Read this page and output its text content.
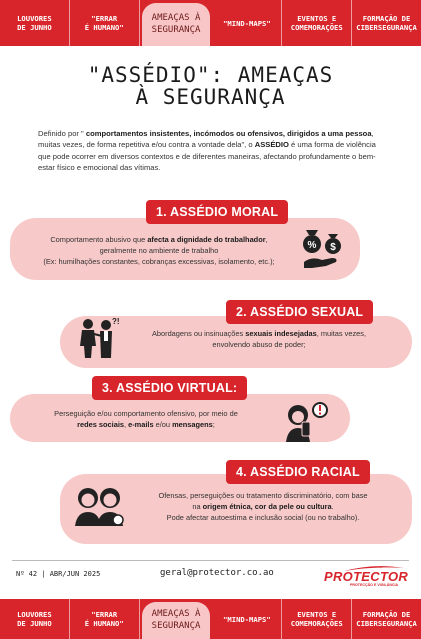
LOUVORES
DE JUNHO
"ERRAR
É HUMANO"
AMEAÇAS À
SEGURANÇA
"MIND-MAPS"	EVENTOS E
COMEMORAÇÕES
FORMAÇÃO DE
CIBERSEGURANÇA
"ASSÉDIO": AMEAÇAS
À SEGURANÇA
Definido por " comportamentos insistentes, incómodos ou ofensivos, dirigidos a uma pessoa, muitas vezes, de forma repetitiva e/ou contra a vontade dela", o ASSÉDIO é uma forma de violência que pode ocorrer em diversos contextos e de diferentes maneiras, afectando profundamente o bem-estar físico e emocional das vítimas.
1. ASSÉDIO MORAL
Comportamento abusivo que afecta a dignidade do trabalhador,
geralmente no ambiente de trabalho
(Ex: humilhações constantes, cobranças excessivas, isolamento, etc.);
% $
2. ASSÉDIO SEXUAL
?!
Abordagens ou insinuações sexuais indesejadas, muitas vezes,
envolvendo abuso de poder;
3. ASSÉDIO VIRTUAL:
Perseguição e/ou comportamento ofensivo, por meio de
redes sociais, e-mails e/ou mensagens;
4. ASSÉDIO RACIAL
Ofensas, perseguições ou tratamento discriminatório, com base
na origem étnica, cor da pele ou cultura.
Pode afectar autoestima e inclusão social (ou no trabalho).
Nº 42 | ABR/JUN 2025	geral@protector.co.ao	PROTECTOR
PROTECÇÃO E VIGILÂNCIA
LOUVORES
DE JUNHO
"ERRAR
É HUMANO"
AMEAÇAS À
SEGURANÇA
"MIND-MAPS"	EVENTOS E
COMEMORAÇÕES
FORMAÇÃO DE
CIBERSEGURANÇA
